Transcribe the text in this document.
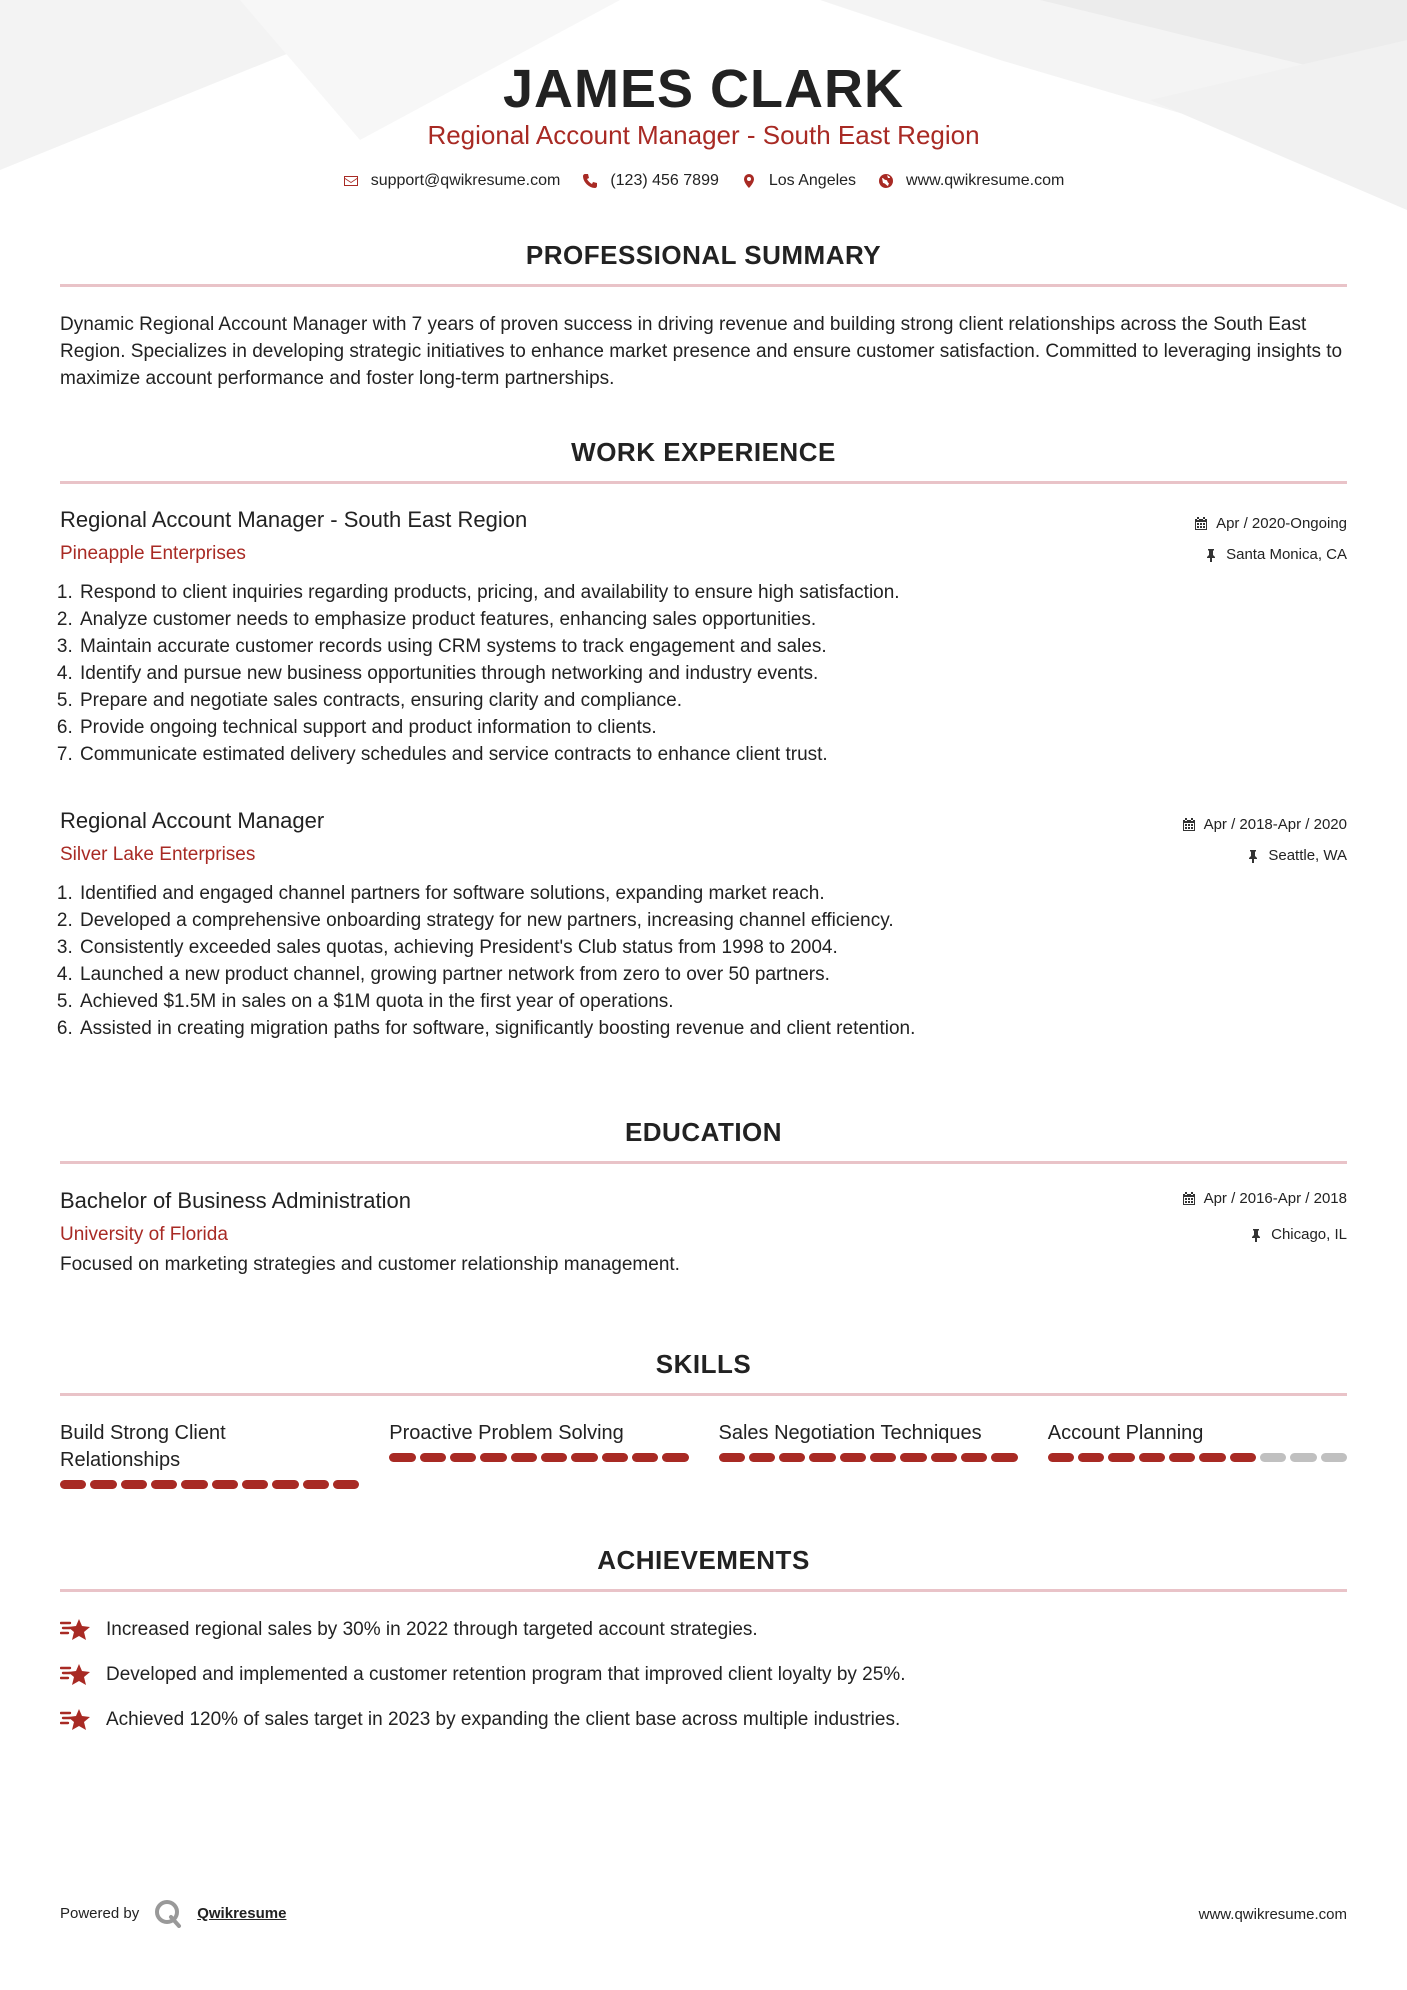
JAMES CLARK
Regional Account Manager - South East Region
support@qwikresume.com	(123) 456 7899	Los Angeles	www.qwikresume.com
PROFESSIONAL SUMMARY
Dynamic Regional Account Manager with 7 years of proven success in driving revenue and building strong client relationships across the South East Region. Specializes in developing strategic initiatives to enhance market presence and ensure customer satisfaction. Committed to leveraging insights to maximize account performance and foster long-term partnerships.
WORK EXPERIENCE
Regional Account Manager - South East Region
Pineapple Enterprises
Apr / 2020-Ongoing
Santa Monica, CA
1. Respond to client inquiries regarding products, pricing, and availability to ensure high satisfaction.
2. Analyze customer needs to emphasize product features, enhancing sales opportunities.
3. Maintain accurate customer records using CRM systems to track engagement and sales.
4. Identify and pursue new business opportunities through networking and industry events.
5. Prepare and negotiate sales contracts, ensuring clarity and compliance.
6. Provide ongoing technical support and product information to clients.
7. Communicate estimated delivery schedules and service contracts to enhance client trust.
Regional Account Manager
Silver Lake Enterprises
Apr / 2018-Apr / 2020
Seattle, WA
1. Identified and engaged channel partners for software solutions, expanding market reach.
2. Developed a comprehensive onboarding strategy for new partners, increasing channel efficiency.
3. Consistently exceeded sales quotas, achieving President's Club status from 1998 to 2004.
4. Launched a new product channel, growing partner network from zero to over 50 partners.
5. Achieved $1.5M in sales on a $1M quota in the first year of operations.
6. Assisted in creating migration paths for software, significantly boosting revenue and client retention.
EDUCATION
Bachelor of Business Administration
University of Florida
Apr / 2016-Apr / 2018
Chicago, IL
Focused on marketing strategies and customer relationship management.
SKILLS
Build Strong Client Relationships
Proactive Problem Solving	Sales Negotiation Techniques	Account Planning
ACHIEVEMENTS
Increased regional sales by 30% in 2022 through targeted account strategies.
Developed and implemented a customer retention program that improved client loyalty by 25%.
Achieved 120% of sales target in 2023 by expanding the client base across multiple industries.
Powered by	Qwikresume	www.qwikresume.com
